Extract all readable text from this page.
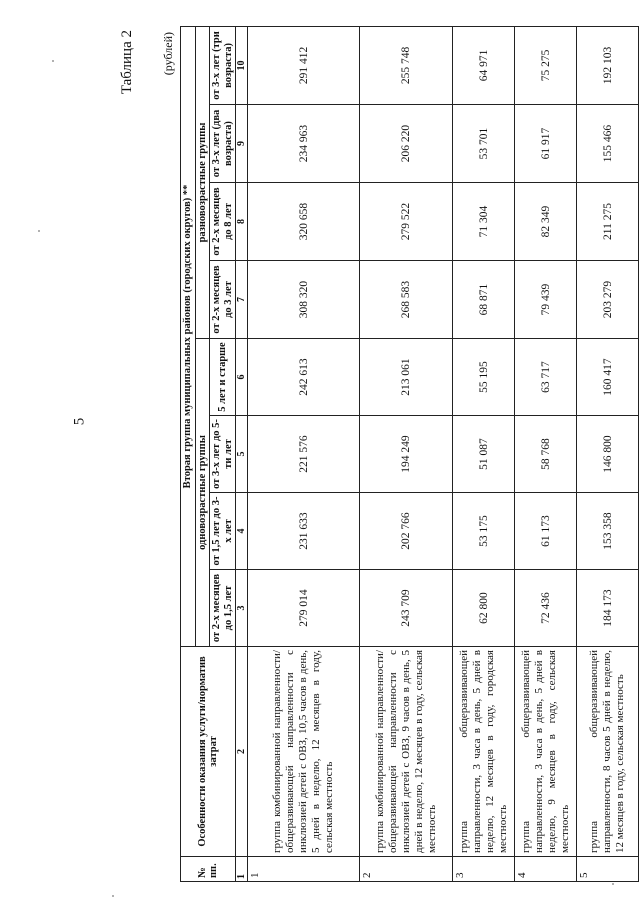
5
Таблица 2 (рублей)
№ пп.	Особенности оказания услуги/норматив затрат	Вторая группа муниципальных районов (городских округов) **							
		одновозрастные группы				разновозрастные группы			
		от 2-х месяцев до 1,5 лет	от 1,5 лет до 3-х лет	от 3-х лет до 5-ти лет	5 лет и старше	от 2-х месяцев до 3 лет	от 2-х месяцев до 8 лет	от 3-х лет (два возраста)	от 3-х лет (три возраста)
1	2	3	4	5	6	7	8	9	10
1	группа комбинированной направленности/общеразвивающей направленности с инклюзией детей с ОВЗ, 10,5 часов в день, 5 дней в неделю, 12 месяцев в году, сельская местность	279 014	231 633	221 576	242 613	308 320	320 658	234 963	291 412
2	группа комбинированной направленности/общеразвивающей направленности с инклюзией детей с ОВЗ, 9 часов в день, 5 дней в неделю, 12 месяцев в году, сельская местность	243 709	202 766	194 249	213 061	268 583	279 522	206 220	255 748
3	группа общеразвивающей направленности, 3 часа в день, 5 дней в неделю, 12 месяцев в году, городская местность	62 800	53 175	51 087	55 195	68 871	71 304	53 701	64 971
4	группа общеразвивающей направленности, 3 часа в день, 5 дней в неделю, 9 месяцев в году, сельская местность	72 436	61 173	58 768	63 717	79 439	82 349	61 917	75 275
5	группа общеразвивающей направленности, 8 часов 5 дней в неделю, 12 месяцев в году, сельская местность	184 173	153 358	146 800	160 417	203 279	211 275	155 466	192 103
